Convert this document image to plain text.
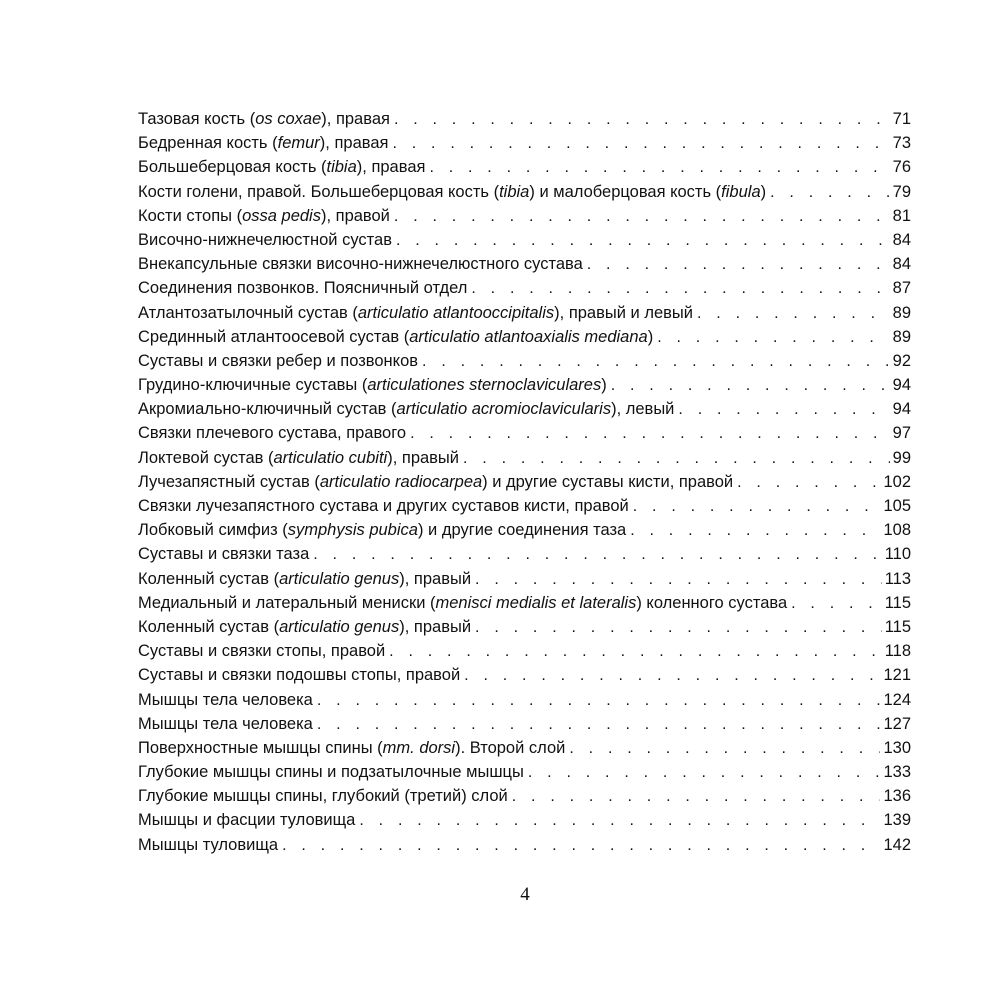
Тазовая кость (os coxae), правая . . .	71
Бедренная кость (femur), правая . . .	73
Большеберцовая кость (tibia), правая . . .	76
Кости голени, правой. Большеберцовая кость (tibia) и малоберцовая кость (fibula) . . .	79
Кости стопы (ossa pedis), правой . . .	81
Височно-нижнечелюстной сустав . . .	84
Внекапсульные связки височно-нижнечелюстного сустава . . .	84
Соединения позвонков. Поясничный отдел . . .	87
Атлантозатылочный сустав (articulatio atlantooccipitalis), правый и левый . . .	89
Срединный атлантоосевой сустав (articulatio atlantoaxialis mediana) . . .	89
Суставы и связки ребер и позвонков . . .	92
Грудино-ключичные суставы (articulationes sternoclaviculares) . . .	94
Акромиально-ключичный сустав (articulatio acromioclavicularis), левый . . .	94
Связки плечевого сустава, правого . . .	97
Локтевой сустав (articulatio cubiti), правый . . .	99
Лучезапястный сустав (articulatio radiocarpea) и другие суставы кисти, правой . . .	102
Связки лучезапястного сустава и других суставов кисти, правой . . .	105
Лобковый симфиз (symphysis pubica) и другие соединения таза . . .	108
Суставы и связки таза . . .	110
Коленный сустав (articulatio genus), правый . . .	113
Медиальный и латеральный мениски (menisci medialis et lateralis) коленного сустава . . .	115
Коленный сустав (articulatio genus), правый . . .	115
Суставы и связки стопы, правой . . .	118
Суставы и связки подошвы стопы, правой . . .	121
Мышцы тела человека . . .	124
Мышцы тела человека . . .	127
Поверхностные мышцы спины (mm. dorsi). Второй слой . . .	130
Глубокие мышцы спины и подзатылочные мышцы . . .	133
Глубокие мышцы спины, глубокий (третий) слой . . .	136
Мышцы и фасции туловища . . .	139
Мышцы туловища . . .	142
4
